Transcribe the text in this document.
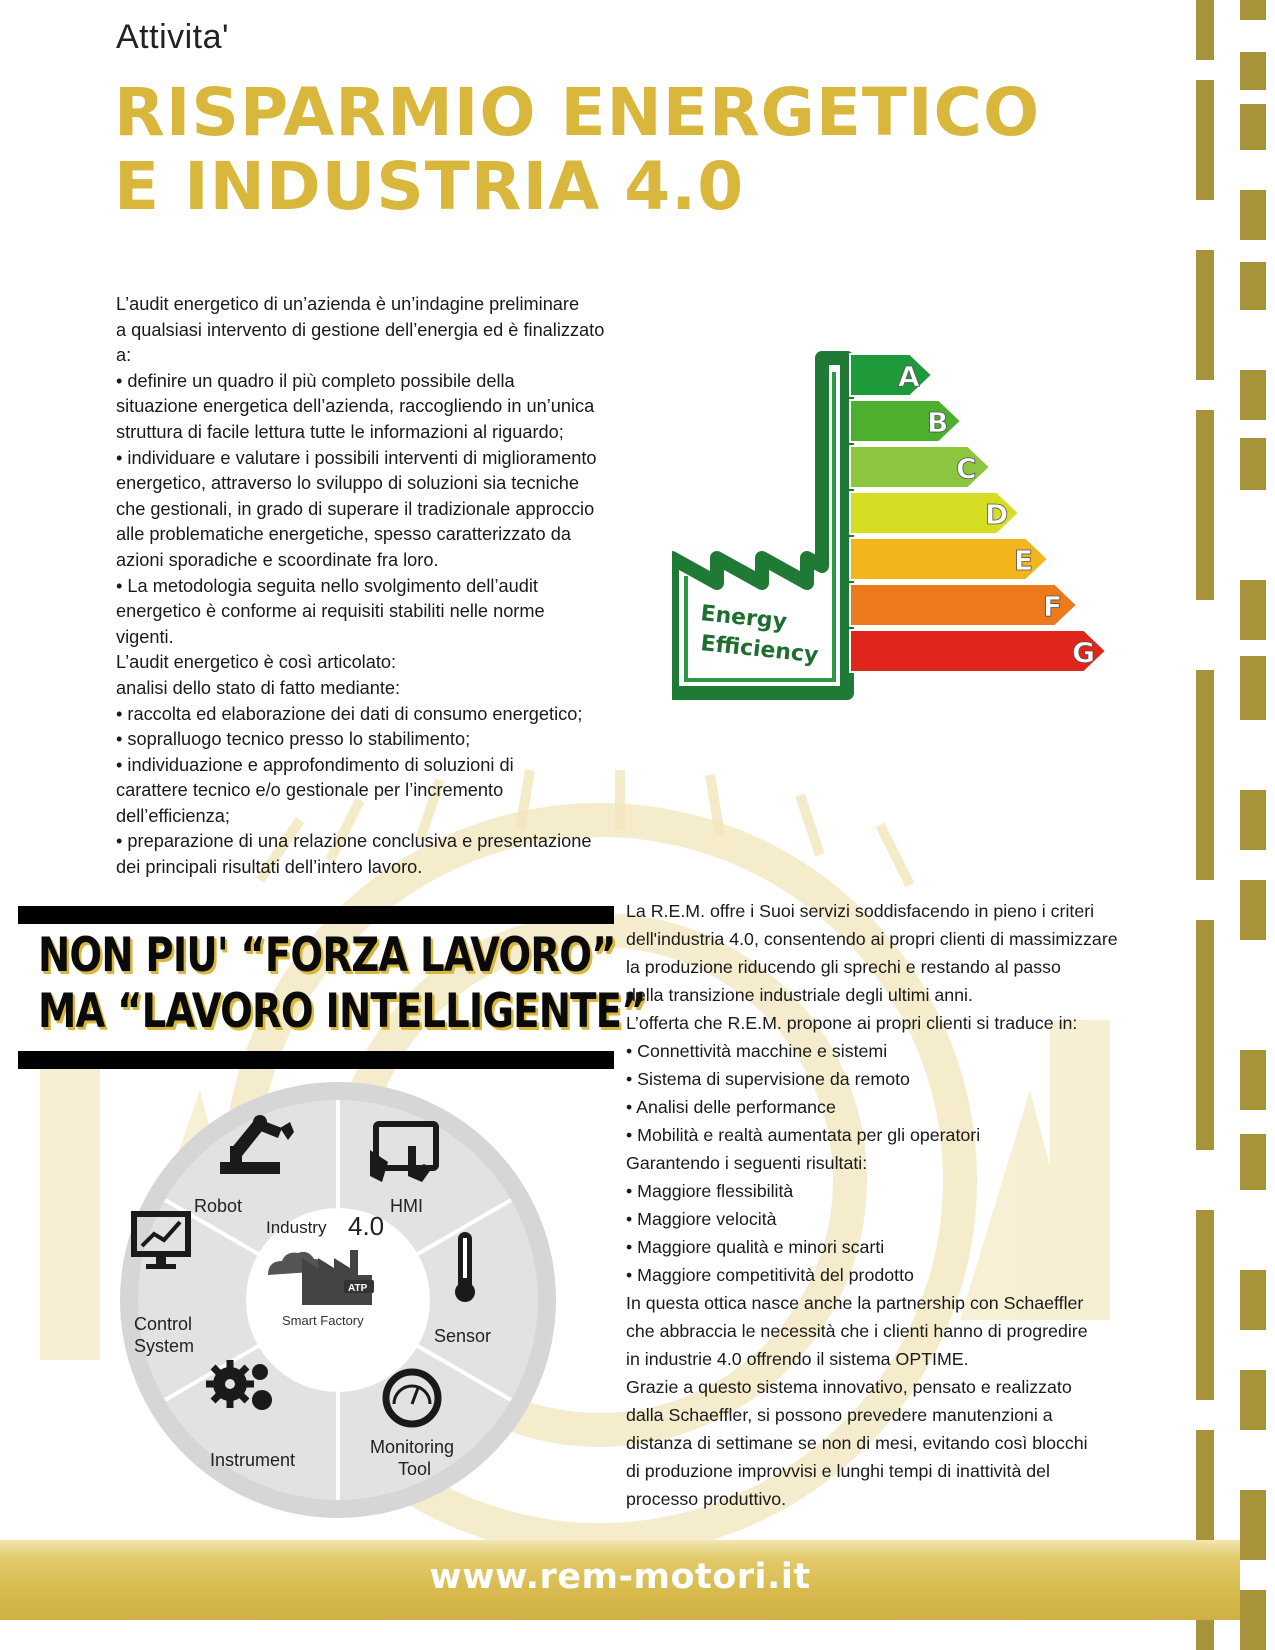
Attivita'
RISPARMIO ENERGETICO
E INDUSTRIA 4.0
L’audit energetico di un’azienda è un’indagine preliminare
a qualsiasi intervento di gestione dell’energia ed è finalizzato
a:
• definire un quadro il più completo possibile della
situazione energetica dell’azienda, raccogliendo in un’unica
struttura di facile lettura tutte le informazioni al riguardo;
• individuare e valutare i possibili interventi di miglioramento
energetico, attraverso lo sviluppo di soluzioni sia tecniche
che gestionali, in grado di superare il tradizionale approccio
alle problematiche energetiche, spesso caratterizzato da
azioni sporadiche e scoordinate fra loro.
• La metodologia seguita nello svolgimento dell’audit
energetico è conforme ai requisiti stabiliti nelle norme
vigenti.
L’audit energetico è così articolato:
analisi dello stato di fatto mediante:
• raccolta ed elaborazione dei dati di consumo energetico;
• sopralluogo tecnico presso lo stabilimento;
• individuazione e approfondimento di soluzioni di
carattere tecnico e/o gestionale per l’incremento
dell’efficienza;
• preparazione di una relazione conclusiva e presentazione
dei principali risultati dell’intero lavoro.
Energy
Efficiency
A
B
C
D
E
F
G
NON PIU' “FORZA LAVORO”
MA “LAVORO INTELLIGENTE”
Industry 4.0
ATP
Smart Factory
Robot	HMI
Sensor
Monitoring
Tool
Instrument
Control
System
La R.E.M. offre i Suoi servizi soddisfacendo in pieno i criteri
dell'industria 4.0, consentendo ai propri clienti di massimizzare
la produzione riducendo gli sprechi e restando al passo
della transizione industriale degli ultimi anni.
L’offerta che R.E.M. propone ai propri clienti si traduce in:
• Connettività macchine e sistemi
• Sistema di supervisione da remoto
• Analisi delle performance
• Mobilità e realtà aumentata per gli operatori
Garantendo i seguenti risultati:
• Maggiore flessibilità
• Maggiore velocità
• Maggiore qualità e minori scarti
• Maggiore competitività del prodotto
In questa ottica nasce anche la partnership con Schaeffler
che abbraccia le necessità che i clienti hanno di progredire
in industrie 4.0 offrendo il sistema OPTIME.
Grazie a questo sistema innovativo, pensato e realizzato
dalla Schaeffler, si possono prevedere manutenzioni a
distanza di settimane se non di mesi, evitando così blocchi
di produzione improvvisi e lunghi tempi di inattività del
processo produttivo.
www.rem-motori.it
